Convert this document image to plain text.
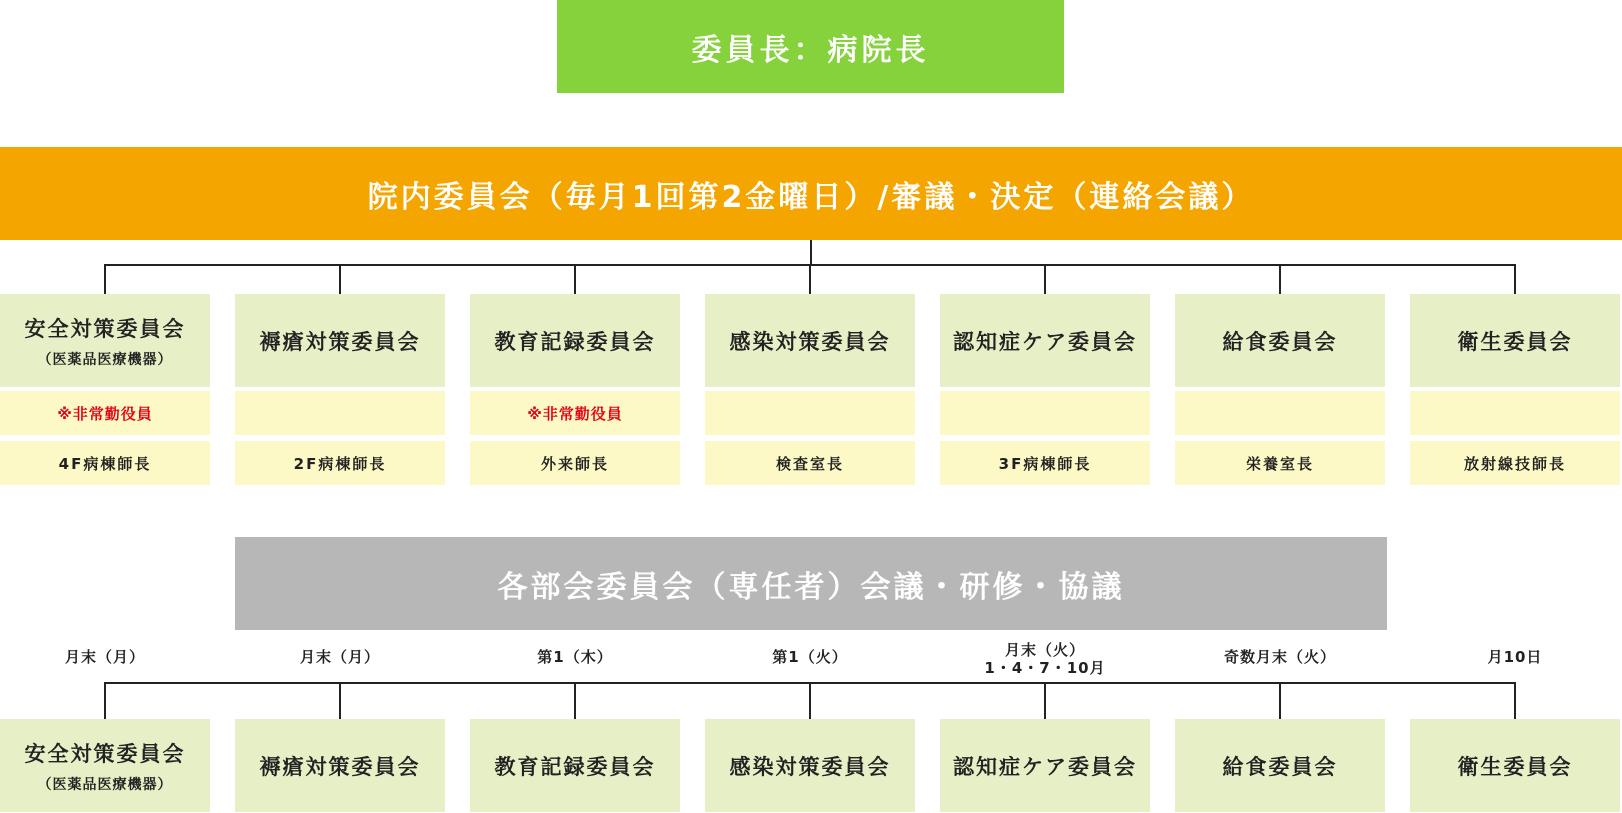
委員長：病院長
院内委員会（毎月1回第2金曜日）/審議・決定（連絡会議）
安全対策委員会
（医薬品医療機器）
※非常勤役員
4F病棟師長
褥瘡対策委員会
2F病棟師長
教育記録委員会
※非常勤役員
外来師長
感染対策委員会
検査室長
認知症ケア委員会
3F病棟師長
給食委員会
栄養室長
衛生委員会
放射線技師長
各部会委員会（専任者）会議・研修・協議
月末（月）
安全対策委員会
（医薬品医療機器）
月末（月）
褥瘡対策委員会
第1（木）
教育記録委員会
第1（火）
感染対策委員会
月末（火）
1・4・7・10月
認知症ケア委員会
奇数月末（火）
給食委員会
月10日
衛生委員会
